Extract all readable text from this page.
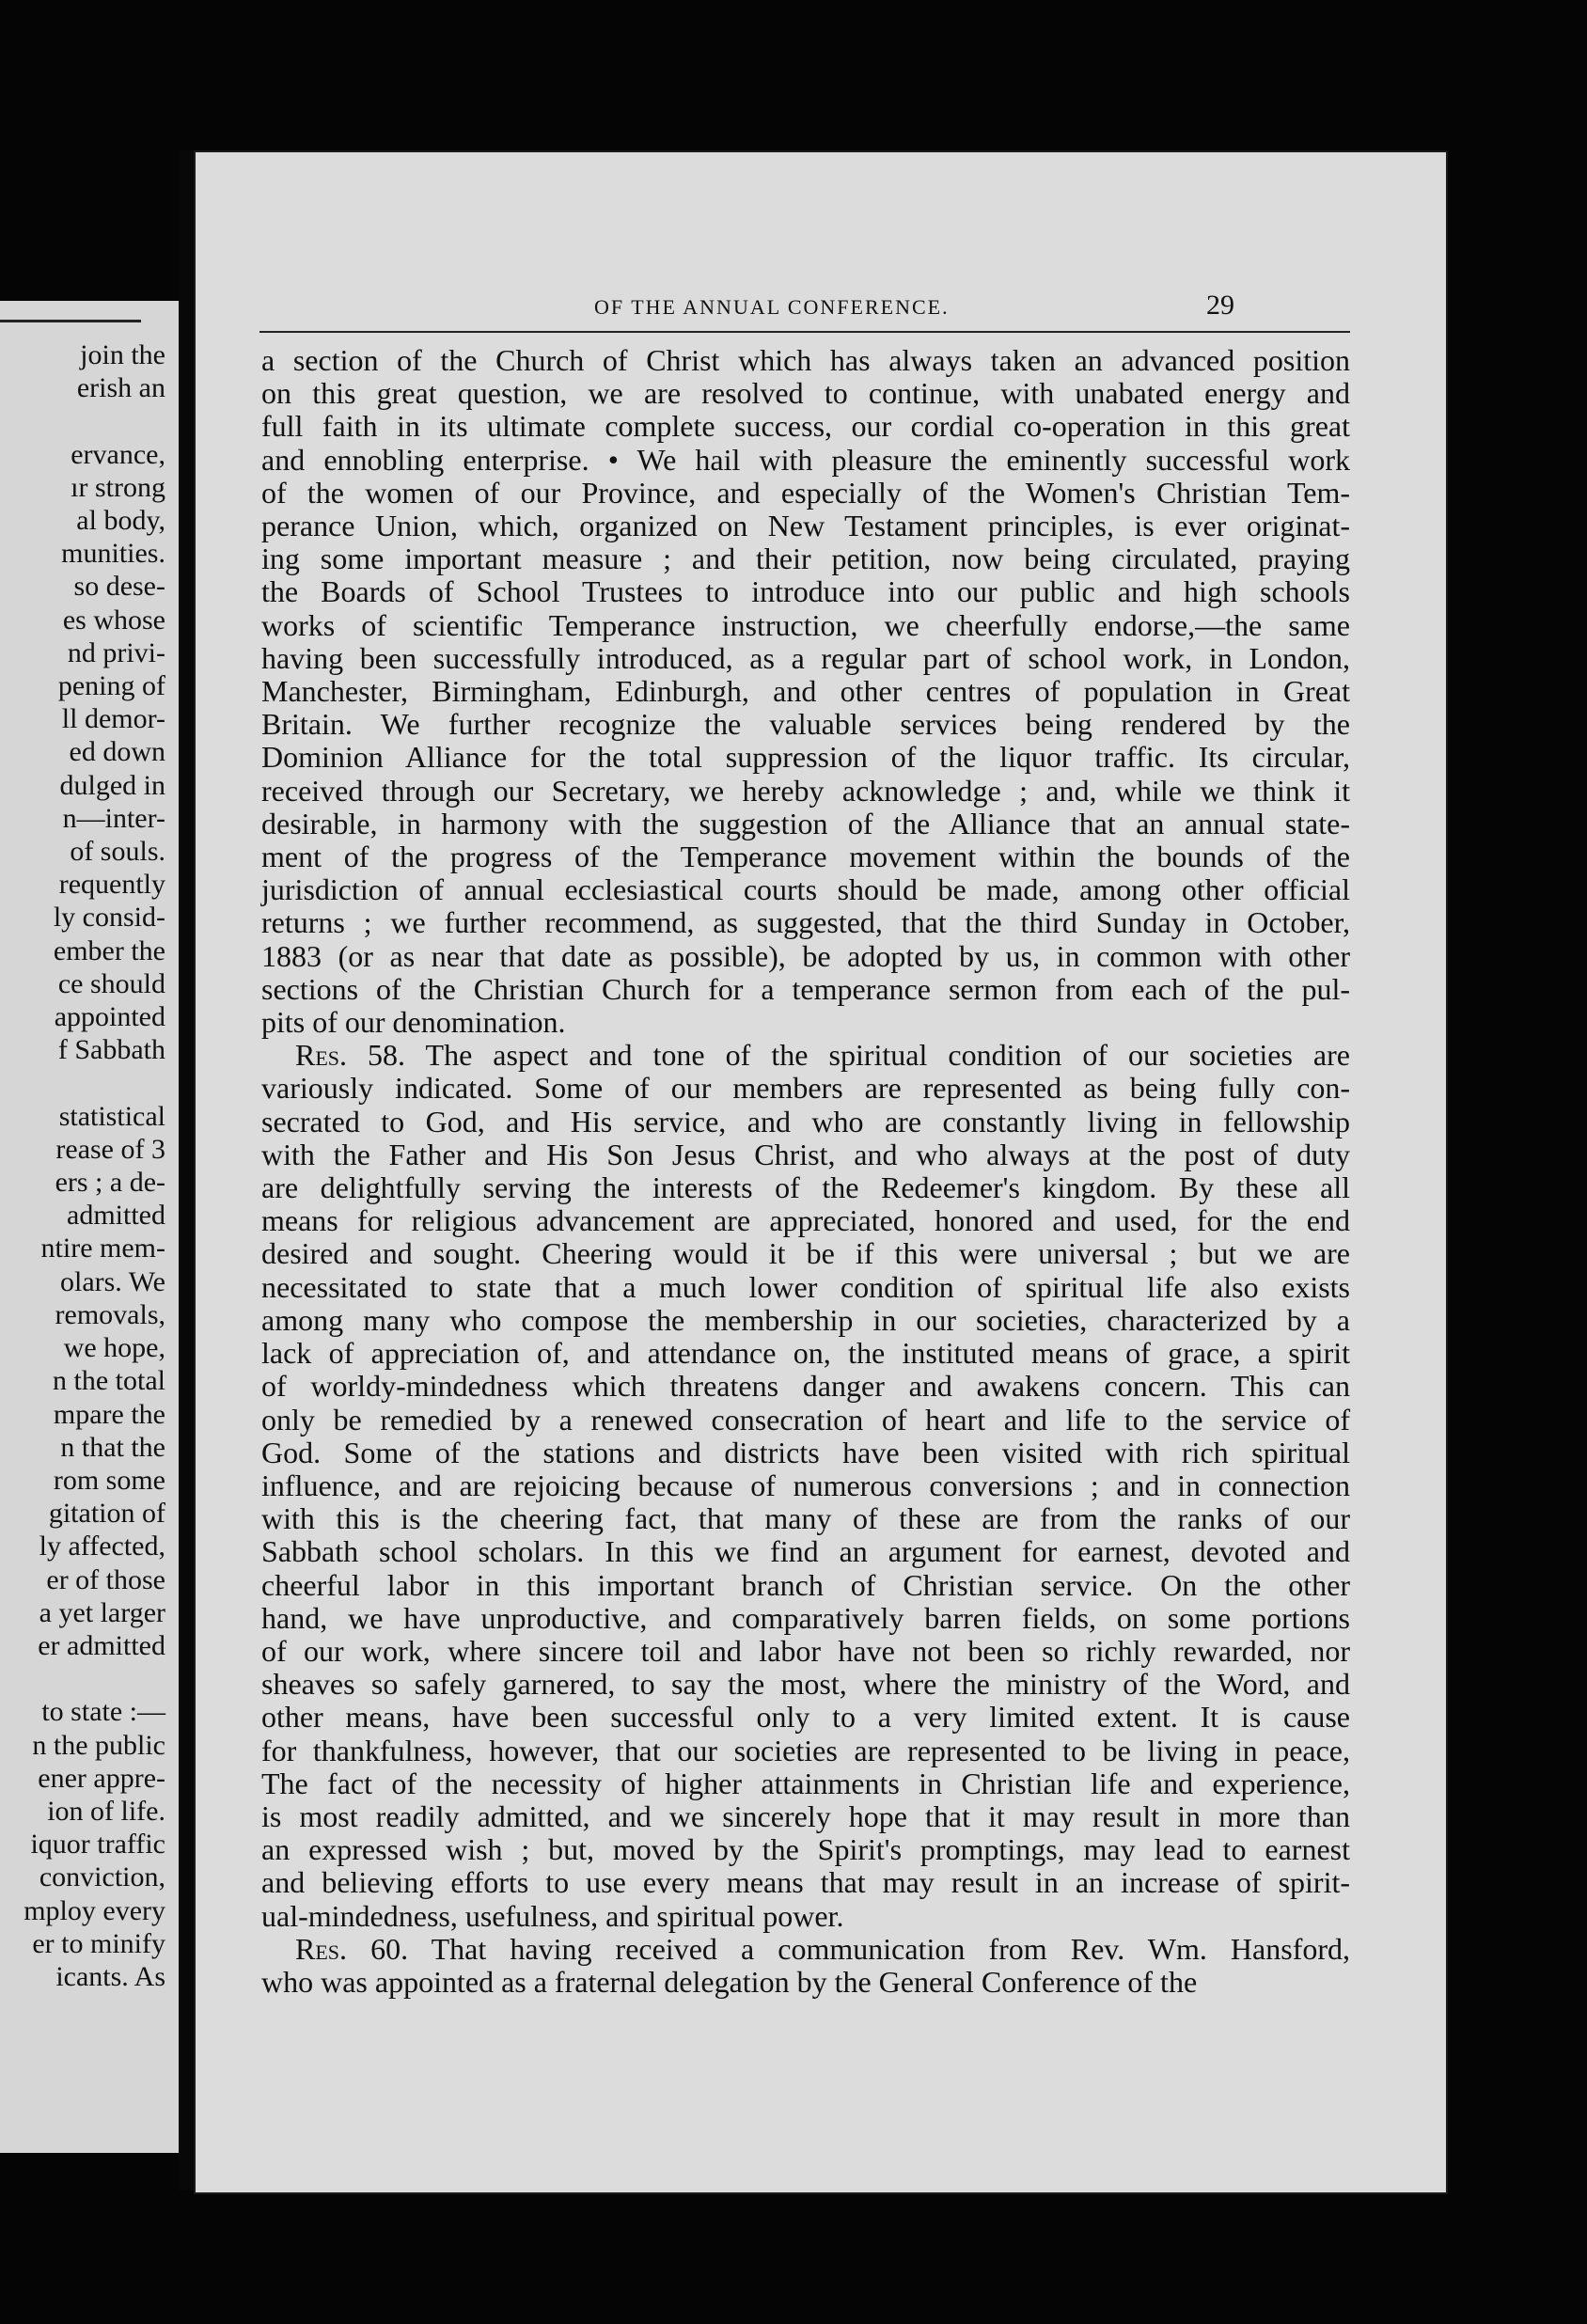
join the
erish an

ervance,
ır strong
al body,
munities.
so dese-
es whose
nd privi-
pening of
ll demor-
ed down
dulged in
n—inter-
of souls.
requently
ly consid-
ember the
ce should
appointed
f Sabbath

statistical
rease of 3
ers ; a de-
admitted
ntire mem-
olars. We
removals,
we hope,
n the total
mpare the
n that the
rom some
gitation of
ly affected,
er of those
a yet larger
er admitted

to state :—
n the public
ener appre-
ion of life.
iquor traffic
conviction,
mploy every
er to minify
icants. As
OF THE ANNUAL CONFERENCE.	29
a section of the Church of Christ which has always taken an advanced position
on this great question, we are resolved to continue, with unabated energy and
full faith in its ultimate complete success, our cordial co-operation in this great
and ennobling enterprise. • We hail with pleasure the eminently successful work
of the women of our Province, and especially of the Women's Christian Tem-
perance Union, which, organized on New Testament principles, is ever originat-
ing some important measure ; and their petition, now being circulated, praying
the Boards of School Trustees to introduce into our public and high schools
works of scientific Temperance instruction, we cheerfully endorse,—the same
having been successfully introduced, as a regular part of school work, in London,
Manchester, Birmingham, Edinburgh, and other centres of population in Great
Britain. We further recognize the valuable services being rendered by the
Dominion Alliance for the total suppression of the liquor traffic. Its circular,
received through our Secretary, we hereby acknowledge ; and, while we think it
desirable, in harmony with the suggestion of the Alliance that an annual state-
ment of the progress of the Temperance movement within the bounds of the
jurisdiction of annual ecclesiastical courts should be made, among other official
returns ; we further recommend, as suggested, that the third Sunday in October,
1883 (or as near that date as possible), be adopted by us, in common with other
sections of the Christian Church for a temperance sermon from each of the pul-
pits of our denomination.
Res. 58. The aspect and tone of the spiritual condition of our societies are
variously indicated. Some of our members are represented as being fully con-
secrated to God, and His service, and who are constantly living in fellowship
with the Father and His Son Jesus Christ, and who always at the post of duty
are delightfully serving the interests of the Redeemer's kingdom. By these all
means for religious advancement are appreciated, honored and used, for the end
desired and sought. Cheering would it be if this were universal ; but we are
necessitated to state that a much lower condition of spiritual life also exists
among many who compose the membership in our societies, characterized by a
lack of appreciation of, and attendance on, the instituted means of grace, a spirit
of worldy-mindedness which threatens danger and awakens concern. This can
only be remedied by a renewed consecration of heart and life to the service of
God. Some of the stations and districts have been visited with rich spiritual
influence, and are rejoicing because of numerous conversions ; and in connection
with this is the cheering fact, that many of these are from the ranks of our
Sabbath school scholars. In this we find an argument for earnest, devoted and
cheerful labor in this important branch of Christian service. On the other
hand, we have unproductive, and comparatively barren fields, on some portions
of our work, where sincere toil and labor have not been so richly rewarded, nor
sheaves so safely garnered, to say the most, where the ministry of the Word, and
other means, have been successful only to a very limited extent. It is cause
for thankfulness, however, that our societies are represented to be living in peace,
The fact of the necessity of higher attainments in Christian life and experience,
is most readily admitted, and we sincerely hope that it may result in more than
an expressed wish ; but, moved by the Spirit's promptings, may lead to earnest
and believing efforts to use every means that may result in an increase of spirit-
ual-mindedness, usefulness, and spiritual power.
Res. 60. That having received a communication from Rev. Wm. Hansford,
who was appointed as a fraternal delegation by the General Conference of the
